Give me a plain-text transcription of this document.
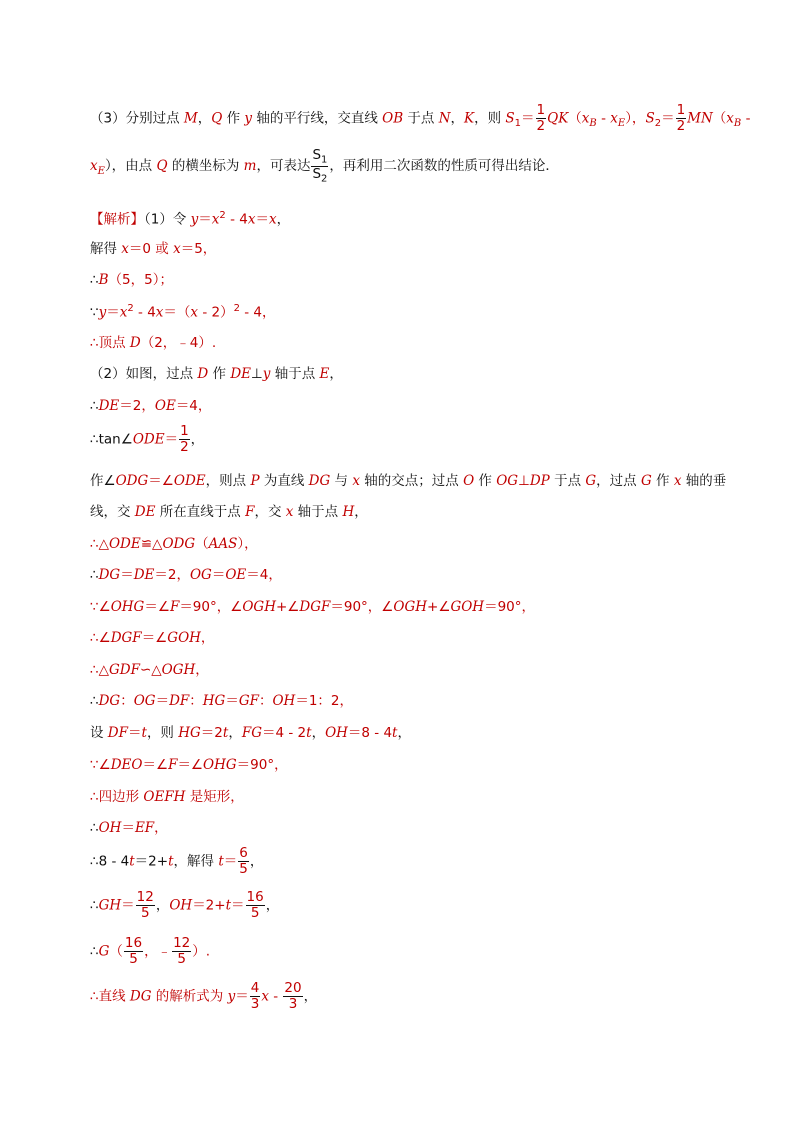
（3）分别过点 M，Q 作 y 轴的平行线，交直线 OB 于点 N，K，则 $S_1= \frac{1}{2} QK(x_B - x_E)$，$S_2= \frac{1}{2} MN(x_B$ -
$x_E$），由点 Q 的横坐标为 m，可表达 $\frac{S_1}{S_2}$ ，再利用二次函数的性质可得出结论．
【解析】（1）令 $y=x^2 - 4x=x$，
解得 x＝0 或 x＝5，
∴B（5，5）；
$\because y=x^2 - 4x=(x - 2)^2 - 4$，
∴顶点 D（2，﹣4）.
（2）如图，过点 D 作 DE⊥y 轴于点 E，
∴DE＝2，OE＝4，
∴tan∠ODE＝ $\frac{1}{2}$ ，
作∠ODG＝∠ODE，则点 P 为直线 DG 与 x 轴的交点；过点 O 作 OG⊥DP 于点 G，过点 G 作 x 轴的垂
线，交 DE 所在直线于点 F，交 x 轴于点 H，
∴△ODE≌△ODG（AAS），
∴DG＝DE＝2，OG＝OE＝4，
∵∠OHG＝∠F＝90°，∠OGH+∠DGF＝90°，∠OGH+∠GOH＝90°，
∴∠DGF＝∠GOH，
∴△GDF∽△OGH，
∴DG：OG＝DF：HG＝GF：OH＝1：2，
设 DF＝t，则 HG＝2t，FG＝4 - 2t，OH＝8 - 4t，
∵∠DEO＝∠F＝∠OHG＝90°，
∴四边形 OEFH 是矩形，
∴OH＝EF，
∴8 - 4t＝2+t，解得 $t= \frac{6}{5}$ ，
∴GH＝ $\frac{12}{5}$ ，$OH=2+t= \frac{16}{5}$ ，
∴G（ $\frac{16}{5}$ ，﹣ $\frac{12}{5}$ ）.
∴直线 DG 的解析式为 $y= \frac{4}{3}$ x - $\frac{20}{3}$ ，
